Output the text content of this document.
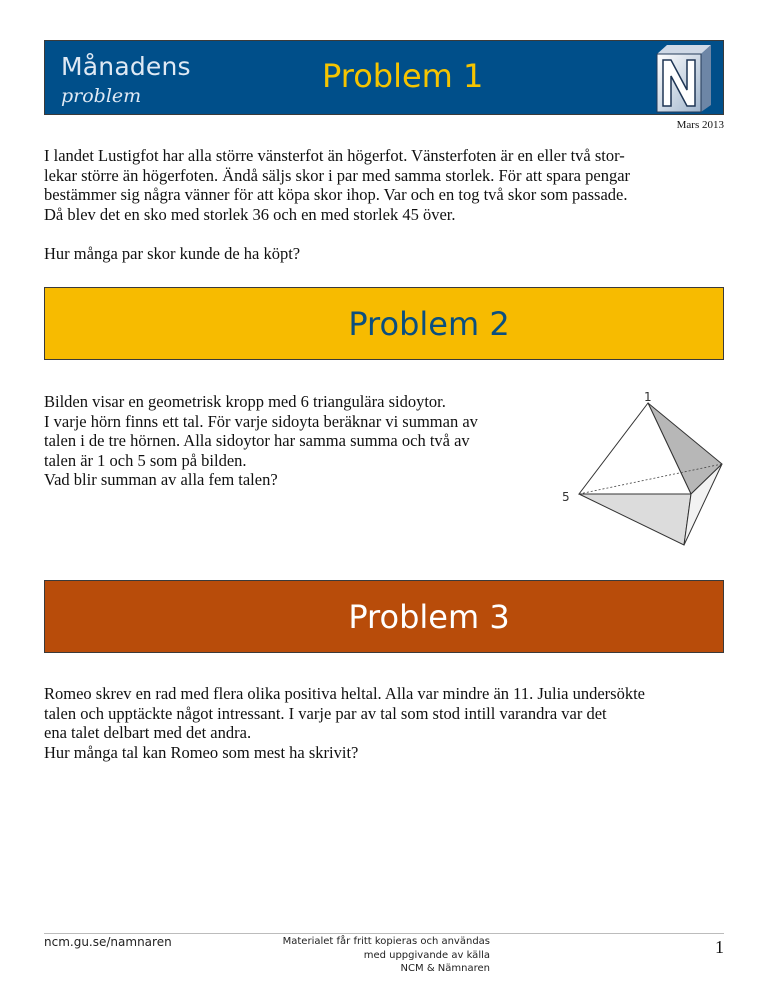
Månadens
problem
Problem 1
Mars 2013

I landet Lustigfot har alla större vänsterfot än högerfot. Vänsterfoten är en eller två stor-

lekar större än högerfoten. Ändå säljs skor i par med samma storlek. För att spara pengar

bestämmer sig några vänner för att köpa skor ihop. Var och en tog två skor som passade.

Då blev det en sko med storlek 36 och en med storlek 45 över.

Hur många par skor kunde de ha köpt?

Problem 2

Bilden visar en geometrisk kropp med 6 triangulära sidoytor.

I varje hörn finns ett tal. För varje sidoyta beräknar vi summan av

talen i de tre hörnen. Alla sidoytor har samma summa och två av

talen är 1 och 5 som på bilden.

Vad blir summan av alla fem talen?

1
5
Problem 3

Romeo skrev en rad med flera olika positiva heltal. Alla var mindre än 11. Julia undersökte

talen och upptäckte något intressant. I varje par av tal som stod intill varandra var det

ena talet delbart med det andra.

Hur många tal kan Romeo som mest ha skrivit?

ncm.gu.se/namnaren	Materialet får fritt kopieras och användas
med uppgivande av källa
NCM & Nämnaren
1
